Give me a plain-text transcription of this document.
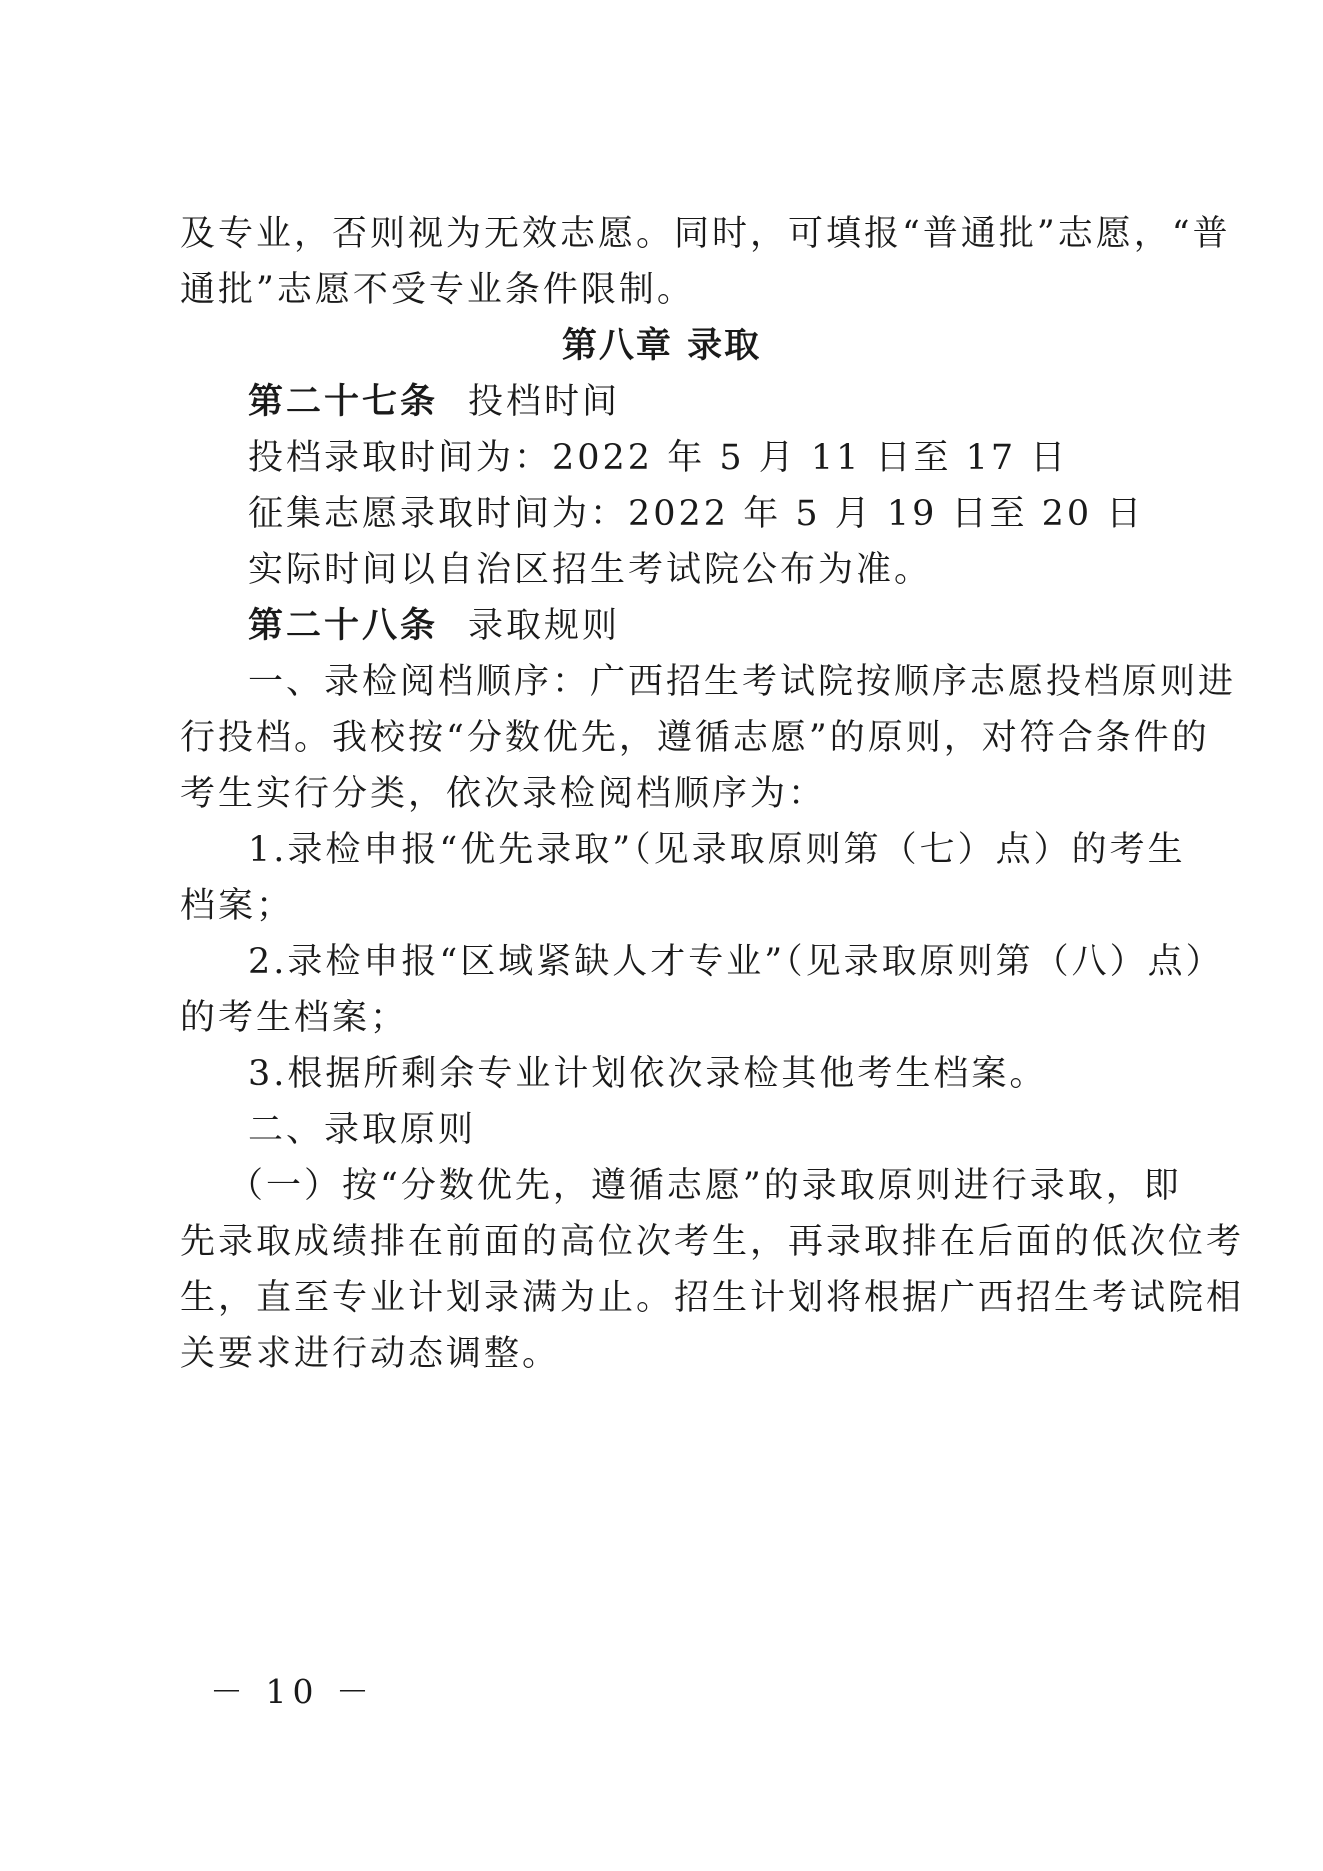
及专业，否则视为无效志愿。同时，可填报“普通批”志愿，“普
通批”志愿不受专业条件限制。
第八章 录取
第二十七条 投档时间
投档录取时间为：2022 年 5 月 11 日至 17 日
征集志愿录取时间为：2022 年 5 月 19 日至 20 日
实际时间以自治区招生考试院公布为准。
第二十八条 录取规则
一、录检阅档顺序：广西招生考试院按顺序志愿投档原则进
行投档。我校按“分数优先，遵循志愿”的原则，对符合条件的
考生实行分类，依次录检阅档顺序为：
1.录检申报“优先录取”（见录取原则第（七）点）的考生
档案；
2.录检申报“区域紧缺人才专业”（见录取原则第（八）点）
的考生档案；
3.根据所剩余专业计划依次录检其他考生档案。
二、录取原则
（一）按“分数优先，遵循志愿”的录取原则进行录取，即
先录取成绩排在前面的高位次考生，再录取排在后面的低次位考
生，直至专业计划录满为止。招生计划将根据广西招生考试院相
关要求进行动态调整。
－ 10 －
